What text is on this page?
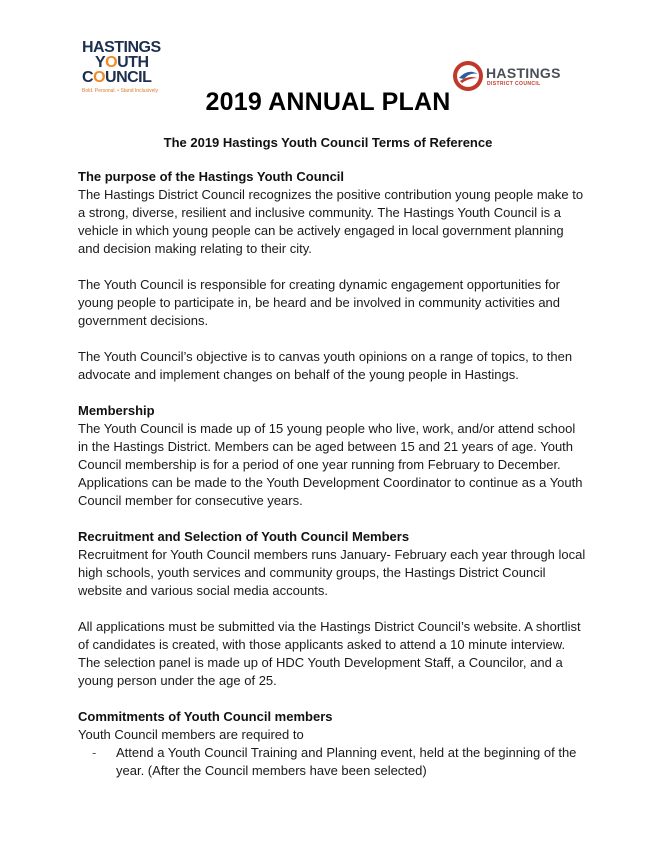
HASTINGS
YOUTH
COUNCIL
Bold. Personal. • Stand Inclusively
HASTINGS
DISTRICT COUNCIL
2019 ANNUAL PLAN
The 2019 Hastings Youth Council Terms of Reference
The purpose of the Hastings Youth Council

The Hastings District Council recognizes the positive contribution young people make to a strong, diverse, resilient and inclusive community. The Hastings Youth Council is a vehicle in which young people can be actively engaged in local government planning and decision making relating to their city.

The Youth Council is responsible for creating dynamic engagement opportunities for young people to participate in, be heard and be involved in community activities and government decisions.

The Youth Council’s objective is to canvas youth opinions on a range of topics, to then advocate and implement changes on behalf of the young people in Hastings.

Membership

The Youth Council is made up of 15 young people who live, work, and/or attend school in the Hastings District. Members can be aged between 15 and 21 years of age. Youth Council membership is for a period of one year running from February to December. Applications can be made to the Youth Development Coordinator to continue as a Youth Council member for consecutive years.

Recruitment and Selection of Youth Council Members

Recruitment for Youth Council members runs January- February each year through local high schools, youth services and community groups, the Hastings District Council website and various social media accounts.

All applications must be submitted via the Hastings District Council’s website. A shortlist of candidates is created, with those applicants asked to attend a 10 minute interview. The selection panel is made up of HDC Youth Development Staff, a Councilor, and a young person under the age of 25.

Commitments of Youth Council members

Youth Council members are required to

- Attend a Youth Council Training and Planning event, held at the beginning of the year. (After the Council members have been selected)
